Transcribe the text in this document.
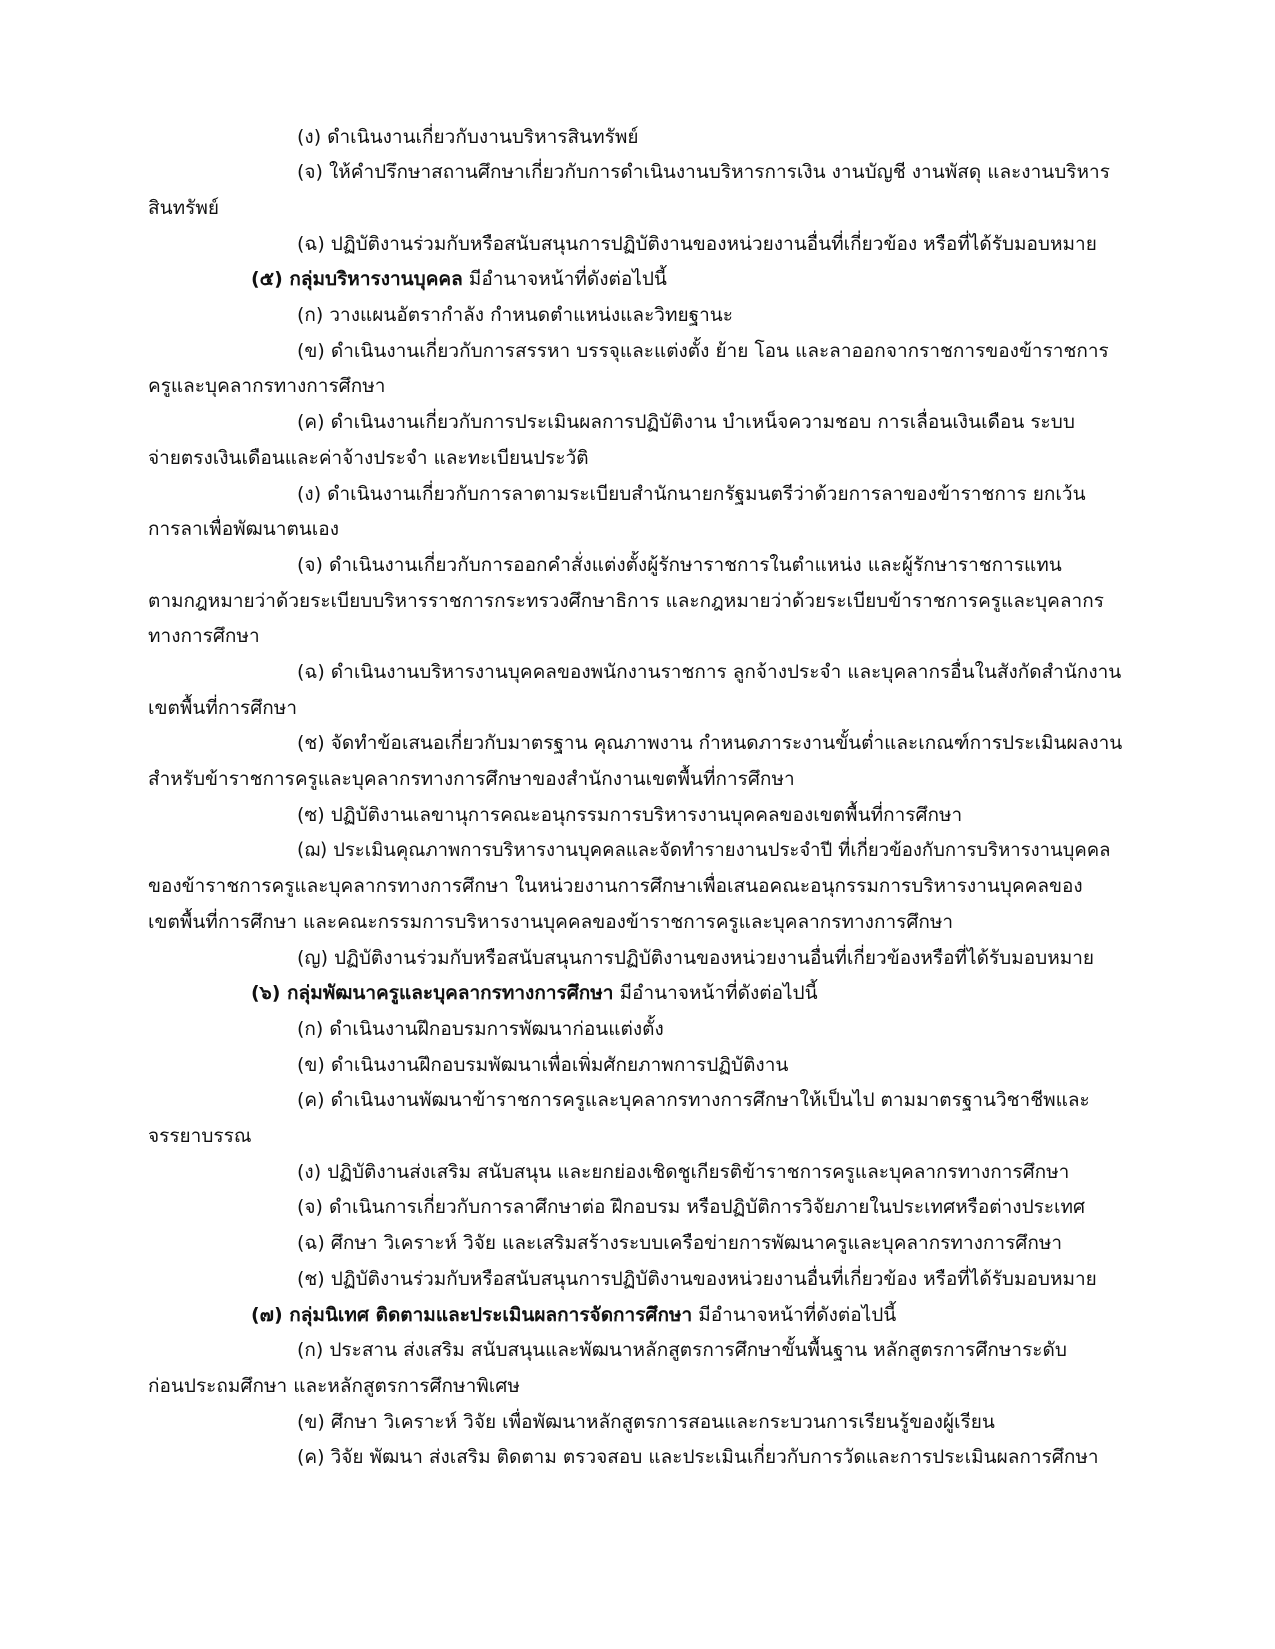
(ง) ดำเนินงานเกี่ยวกับงานบริหารสินทรัพย์
(จ) ให้คำปรึกษาสถานศึกษาเกี่ยวกับการดำเนินงานบริหารการเงิน งานบัญชี งานพัสดุ และงานบริหาร
สินทรัพย์
(ฉ) ปฏิบัติงานร่วมกับหรือสนับสนุนการปฏิบัติงานของหน่วยงานอื่นที่เกี่ยวข้อง หรือที่ได้รับมอบหมาย
(๕) กลุ่มบริหารงานบุคคล มีอำนาจหน้าที่ดังต่อไปนี้
(ก) วางแผนอัตรากำลัง กำหนดตำแหน่งและวิทยฐานะ
(ข) ดำเนินงานเกี่ยวกับการสรรหา บรรจุและแต่งตั้ง ย้าย โอน และลาออกจากราชการของข้าราชการ
ครูและบุคลากรทางการศึกษา
(ค) ดำเนินงานเกี่ยวกับการประเมินผลการปฏิบัติงาน บำเหน็จความชอบ การเลื่อนเงินเดือน ระบบ
จ่ายตรงเงินเดือนและค่าจ้างประจำ และทะเบียนประวัติ
(ง) ดำเนินงานเกี่ยวกับการลาตามระเบียบสำนักนายกรัฐมนตรีว่าด้วยการลาของข้าราชการ ยกเว้น
การลาเพื่อพัฒนาตนเอง
(จ) ดำเนินงานเกี่ยวกับการออกคำสั่งแต่งตั้งผู้รักษาราชการในตำแหน่ง และผู้รักษาราชการแทน
ตามกฎหมายว่าด้วยระเบียบบริหารราชการกระทรวงศึกษาธิการ และกฎหมายว่าด้วยระเบียบข้าราชการครูและบุคลากร
ทางการศึกษา
(ฉ) ดำเนินงานบริหารงานบุคคลของพนักงานราชการ ลูกจ้างประจำ และบุคลากรอื่นในสังกัดสำนักงาน
เขตพื้นที่การศึกษา
(ช) จัดทำข้อเสนอเกี่ยวกับมาตรฐาน คุณภาพงาน กำหนดภาระงานขั้นต่ำและเกณฑ์การประเมินผลงาน
สำหรับข้าราชการครูและบุคลากรทางการศึกษาของสำนักงานเขตพื้นที่การศึกษา
(ซ) ปฏิบัติงานเลขานุการคณะอนุกรรมการบริหารงานบุคคลของเขตพื้นที่การศึกษา
(ฌ) ประเมินคุณภาพการบริหารงานบุคคลและจัดทำรายงานประจำปี ที่เกี่ยวข้องกับการบริหารงานบุคคล
ของข้าราชการครูและบุคลากรทางการศึกษา ในหน่วยงานการศึกษาเพื่อเสนอคณะอนุกรรมการบริหารงานบุคคลของ
เขตพื้นที่การศึกษา และคณะกรรมการบริหารงานบุคคลของข้าราชการครูและบุคลากรทางการศึกษา
(ญ) ปฏิบัติงานร่วมกับหรือสนับสนุนการปฏิบัติงานของหน่วยงานอื่นที่เกี่ยวข้องหรือที่ได้รับมอบหมาย
(๖) กลุ่มพัฒนาครูและบุคลากรทางการศึกษา มีอำนาจหน้าที่ดังต่อไปนี้
(ก) ดำเนินงานฝึกอบรมการพัฒนาก่อนแต่งตั้ง
(ข) ดำเนินงานฝึกอบรมพัฒนาเพื่อเพิ่มศักยภาพการปฏิบัติงาน
(ค) ดำเนินงานพัฒนาข้าราชการครูและบุคลากรทางการศึกษาให้เป็นไป ตามมาตรฐานวิชาชีพและ
จรรยาบรรณ
(ง) ปฏิบัติงานส่งเสริม สนับสนุน และยกย่องเชิดชูเกียรติข้าราชการครูและบุคลากรทางการศึกษา
(จ) ดำเนินการเกี่ยวกับการลาศึกษาต่อ ฝึกอบรม หรือปฏิบัติการวิจัยภายในประเทศหรือต่างประเทศ
(ฉ) ศึกษา วิเคราะห์ วิจัย และเสริมสร้างระบบเครือข่ายการพัฒนาครูและบุคลากรทางการศึกษา
(ช) ปฏิบัติงานร่วมกับหรือสนับสนุนการปฏิบัติงานของหน่วยงานอื่นที่เกี่ยวข้อง หรือที่ได้รับมอบหมาย
(๗) กลุ่มนิเทศ ติดตามและประเมินผลการจัดการศึกษา มีอำนาจหน้าที่ดังต่อไปนี้
(ก) ประสาน ส่งเสริม สนับสนุนและพัฒนาหลักสูตรการศึกษาขั้นพื้นฐาน หลักสูตรการศึกษาระดับ
ก่อนประถมศึกษา และหลักสูตรการศึกษาพิเศษ
(ข) ศึกษา วิเคราะห์ วิจัย เพื่อพัฒนาหลักสูตรการสอนและกระบวนการเรียนรู้ของผู้เรียน
(ค) วิจัย พัฒนา ส่งเสริม ติดตาม ตรวจสอบ และประเมินเกี่ยวกับการวัดและการประเมินผลการศึกษา
